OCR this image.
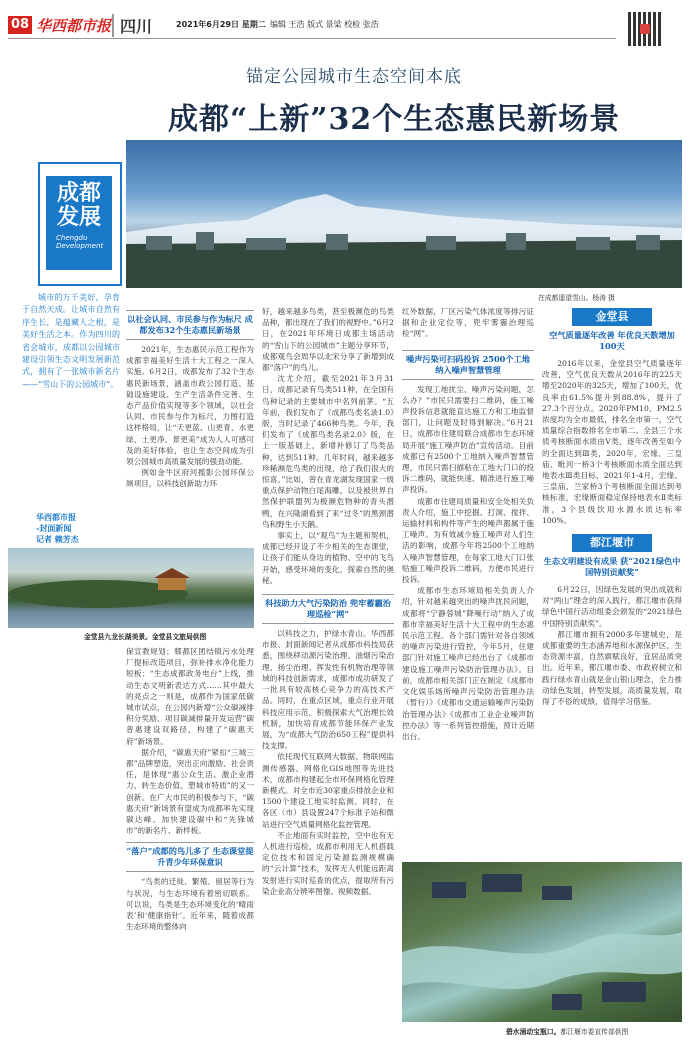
08 华西都市报 四川	2021年6月29日 星期二 编辑 王浩 版式 景梁 校检 张浩
锚定公园城市生态空间本底
成都“上新”32个生态惠民新场景
在成都遥望雪山。杨涛 摄
成都
发展
Chengdu
Development
城市的万千美好，孕育于自然天成。让城市自然有序生长，是蕴藏人之根，是美好生活之本。作为四川的省会城市，成都以公园城市建设引领生态文明发展新范式，拥有了一张城市新名片——“雪山下的公园城市”。
华西都市报
-封面新闻
记者 赖芳杰
以社会认同、市民参与作为标尺 成都发布32个生态惠民新场景

2021年，生态惠民示范工程作为成都幸福美好生活十大工程之一深入实施。6月2日，成都发布了32个生态惠民新场景，涵盖市政公园打造、基础设施建设、生产生活条件完善、生态产品价值实现等多个领域，以社会认同、市民参与作为标尺，力图打造这样格局，让“天更蓝、山更青、水更绿、土更净、景更美”成为人人可感可及的美好体验，也让生态空间成为引领公园城市高质量发展的强劲动能。

例如金牛区府河揽影公园环保公厕项目，以科技创新助力环

金堂县九龙长湖美景。金堂县文旅局供图

保宣教规划；郫都区团结镇污水处理厂提标改造项目，弥补排水净化能力短板；“生态成都政务电台”上线，推动生态文明新表达方式……其中最大的亮点之一则是，成都作为国家低碳城市试点，在公园内新增“公众碳减排积分奖励、项目碳减排量开发运营”碳普惠建设双路径，构建了“碳惠天府”新场景。

据介绍，“碳惠天府”紧扣“三城三都”品牌塑造，突出正向激励、社会责任，是体现“惠公众生活、激企业潜力、转生态价值、塑城市特质”的又一创新。在广大市民的积极参与下，“碳惠天府”新场景有望成为成都率先实现碳达峰、加快建设碳中和“先锋城市”的新名片、新样板。

“落户”成都的鸟儿多了 生态课堂提升青少年环保意识

“鸟类的迁徙、繁殖、留居等行为与状况，与生态环境有着密切联系。可以说，鸟类是生态环境变化的‘晴雨表’和‘健康指针’。近年来，随着成都生态环境的整体向

好，越来越多鸟类，甚至极濒危的鸟类品种，都出现在了我们的视野中。”6月2日，在2021年环境日成都主场活动的“雪山下的公园城市”主题分享环节，成都观鸟会周华以北宋分享了新增到成都“落户”的鸟儿。

沈尤介绍，截至2021年3月31日，成都记录有鸟类511种，在全国有鸟种记录的主要城市中名列前茅。“五年前，我们发布了《成都鸟类名录1.0》版，当时记录了466种鸟类。今年，我们发布了《成都鸟类名录2.0》版，在上一版基础上，新增补修订了鸟类品种，达到511种。几年时间，越来越多珍稀濒危鸟类的出现，给了我们很大的惊喜。”比如，曾在青龙湖发现国家一级重点保护动物白尾海雕，以及被世界自然保护联盟列为极濒危物种的青头潜鸭，在兴隆湖看到了来“过冬”的黑颈潜鸟和野生小天鹅。

事实上，以“观鸟”为主题和契机，成都已经开设了不少相关的生态课堂，让孩子们能从身边的植物、空中的飞鸟开始，感受环境的变化，探索自然的奥秘。

科技助力大气污染防治 兜牢蓄霾治理巡检“网”

以科技之力，护绿水青山。华西都市报、封面新闻记者从成都市科技局获悉，围绕移动源污染治理、油烟污染治理、扬尘治理、挥发性有机物治理等领域的科技创新需求，成都市成功研发了一批具有较高核心竞争力的高技术产品。同时，在重点区域，重点行业开展科技应用示范，积极探索大气治理长效机制，加快培育成都节能环保产业发展，为“成都大气防治650工程”提供科技支撑。

依托现代互联网大数据、物联网监测传感器、网格化GIS地图等先进技术，成都市构建起全市环保网格化管理新模式。对全市近30家重点排放企业和1500个建设工地实时监测。同时，在各区（市）县设置247个标准子站和微站进行空气质量网格化监控管理。

不止地面有实时监控，空中也有无人机进行巡检。成都市利用无人机搭载定位技术和固定污染源监测规模确的“云计算”技术，发挥无人机能远距离发射进行实时巡查的优点，提取所有污染企业高分辨率图像、视频数据、

红外数据，厂区污染气体浓度等排污证据和企业定位等，兜牢雾霾治理巡检“网”。

噪声污染可扫码投诉 2500个工地纳入噪声智慧管理

发现工地扰尘、噪声污染问题，怎么办？”市民只需要扫二维码，施工噪声投诉信息就能直达施工方和工地监督部门，让问题及时得到解决。”6月21日，成都市住建局联合成都市生态环境局开展“施工噪声防治”宣传活动。目前成都已有2500个工地纳入噪声智慧管理，市民只需扫描粘在工地大门口的投诉二维码，就能快速、精准进行施工噪声投诉。

成都市住建局质量和安全处相关负责人介绍，施工中挖掘、打洞、搅拌、运输材料和构件等产生的噪声都属于施工噪声。为有效减少施工噪声对人们生活的影响，成都今年将2500个工地纳入噪声智慧管理，在每家工地大门口张贴施工噪声投诉二维码，方便市民进行投诉。

成都市生态环境局相关负责人介绍，针对越来越突出的噪声扰民问题，成都将“宁静蓉城”降噪行动”纳入了成都市幸福美好生活十大工程中的生态惠民示范工程。各个部门需针对各自领域的噪声污染进行管控，今年5月，住建部门针对施工噪声已经出台了《成都市建设施工噪声污染防治管理办法》。目前，成都市相关部门正在制定《成都市文化娱乐场所噪声污染防治管理办法（暂行）》《成都市交通运输噪声污染防治管理办法》《成都市工业企业噪声防控办法》等一系列管控措施，预计近期出台。

碧水涌动宝瓶口。都江堰市委宣传部供图
金堂县
空气质量逐年改善 年优良天数增加100天

2016年以来，金堂县空气质量逐年改善，空气优良天数从2016年的225天增至2020年的325天，增加了100天，优良率由61.5%提升到88.8%，提升了27.3个百分点。2020年PM10、PM2.5浓度均为全市最低，排名全市第一，空气质量综合指数排名全市第二。全县三个水质考核断面水质由Ⅴ类，逐年改善至如今的全面达到Ⅲ类，2020年，宏缘、三皇庙、毗河一桥3个考核断面水质全面达到地表水Ⅲ类目标，2021年1-4月，宏缘、三皇庙、兰家桥3个考核断面全面达到考核标准，宏缘断面稳定保持地表水Ⅱ类标准，3个县级饮用水源水质达标率100%。

都江堰市
生态文明建设有成果 获“2021绿色中国特别贡献奖”

6月22日，因绿色发展的突出成就和对“两山”理念的深入践行，都江堰市获得绿色中国行活动组委会颁发的“2021绿色中国特别贡献奖”。

都江堰市拥有2000多年建城史，是成都重要的生态涵养地和水源保护区，生态资源丰富，自然禀赋良好，宜居品质突出。近年来，都江堰市委、市政府树立和践行绿水青山就是金山银山理念，全力推动绿色发展，转型发展，高质量发展，取得了不俗的成绩，值得学习借鉴。
